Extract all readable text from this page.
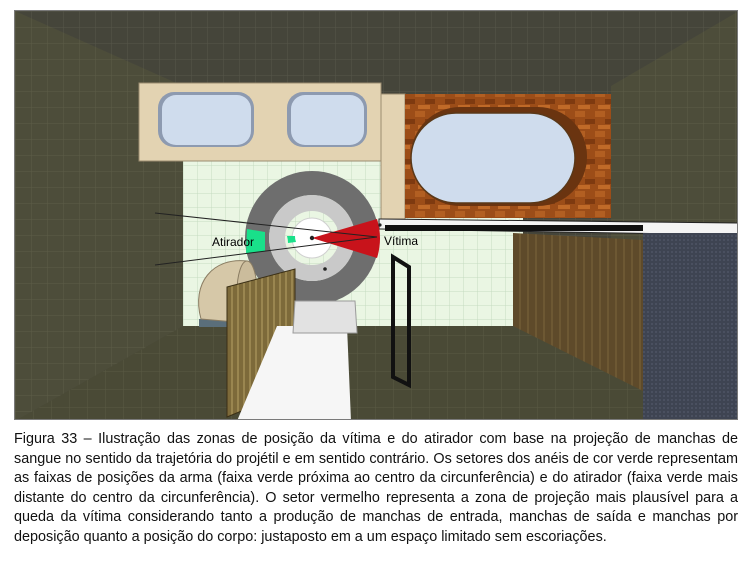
Atirador	Vítima

Figura 33 – Ilustração das zonas de posição da vítima e do atirador com base na projeção de manchas de sangue no sentido da trajetória do projétil e em sentido contrário. Os setores dos anéis de cor verde representam as faixas de posições da arma (faixa verde próxima ao centro da circunferência) e do atirador (faixa verde mais distante do centro da circunferência). O setor vermelho representa a zona de projeção mais plausível para a queda da vítima considerando tanto a produção de manchas de entrada, manchas de saída e manchas por deposição quanto a posição do corpo: justaposto em a um espaço limitado sem escoriações.
